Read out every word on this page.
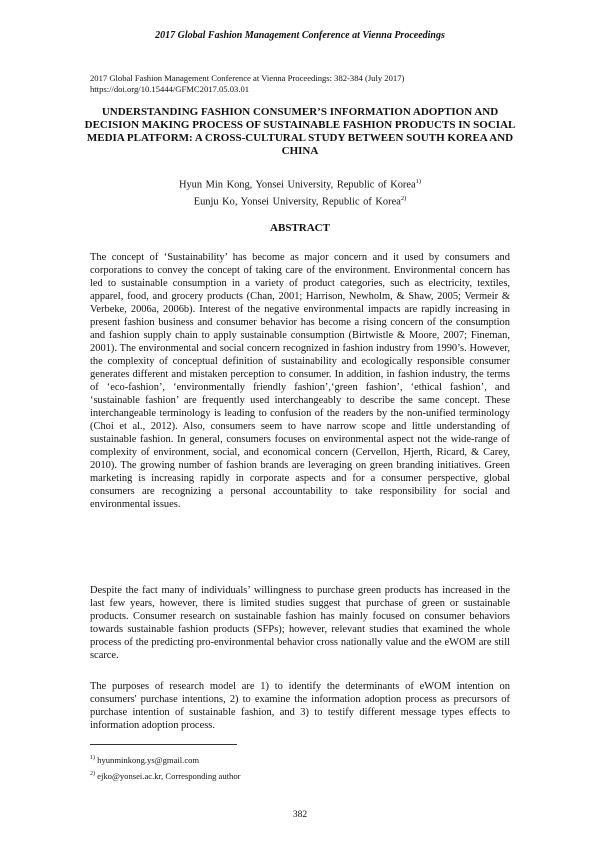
2017 Global Fashion Management Conference at Vienna Proceedings
2017 Global Fashion Management Conference at Vienna Proceedings: 382-384 (July 2017)
https://doi.org/10.15444/GFMC2017.05.03.01
UNDERSTANDING FASHION CONSUMER’S INFORMATION ADOPTION AND DECISION MAKING PROCESS OF SUSTAINABLE FASHION PRODUCTS IN SOCIAL MEDIA PLATFORM: A CROSS-CULTURAL STUDY BETWEEN SOUTH KOREA AND CHINA
Hyun Min Kong, Yonsei University, Republic of Korea$^{1)}$
Eunju Ko, Yonsei University, Republic of Korea$^{2)}$
ABSTRACT

The concept of ‘Sustainability’ has become as major concern and it used by consumers and corporations to convey the concept of taking care of the environment. Environmental concern has led to sustainable consumption in a variety of product categories, such as electricity, textiles, apparel, food, and grocery products (Chan, 2001; Harrison, Newholm, & Shaw, 2005; Vermeir & Verbeke, 2006a, 2006b). Interest of the negative environmental impacts are rapidly increasing in present fashion business and consumer behavior has become a rising concern of the consumption and fashion supply chain to apply sustainable consumption (Birtwistle & Moore, 2007; Fineman, 2001). The environmental and social concern recognized in fashion industry from 1990’s. However, the complexity of conceptual definition of sustainability and ecologically responsible consumer generates different and mistaken perception to consumer. In addition, in fashion industry, the terms of ‘eco-fashion’, ‘environmentally friendly fashion’,‘green fashion’, ‘ethical fashion’, and ‘sustainable fashion’ are frequently used interchangeably to describe the same concept. These interchangeable terminology is leading to confusion of the readers by the non-unified terminology (Choi et al., 2012). Also, consumers seem to have narrow scope and little understanding of sustainable fashion. In general, consumers focuses on environmental aspect not the wide-range of complexity of environment, social, and economical concern (Cervellon, Hjerth, Ricard, & Carey, 2010). The growing number of fashion brands are leveraging on green branding initiatives. Green marketing is increasing rapidly in corporate aspects and for a consumer perspective, global consumers are recognizing a personal accountability to take responsibility for social and environmental issues.

Despite the fact many of individuals’ willingness to purchase green products has increased in the last few years, however, there is limited studies suggest that purchase of green or sustainable products. Consumer research on sustainable fashion has mainly focused on consumer behaviors towards sustainable fashion products (SFPs); however, relevant studies that examined the whole process of the predicting pro-environmental behavior cross nationally value and the eWOM are still scarce.

The purposes of research model are 1) to identify the determinants of eWOM intention on consumers' purchase intentions, 2) to examine the information adoption process as precursors of purchase intention of sustainable fashion, and 3) to testify different message types effects to information adoption process.

$^{1)}$ hyunminkong.ys@gmail.com
$^{2)}$ ejko@yonsei.ac.kr, Corresponding author
382
